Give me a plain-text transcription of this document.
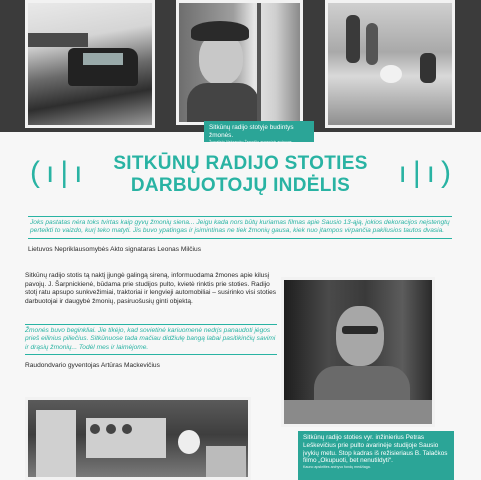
Sitkūnų radijo stotyje budintys žmonės.
Žurnalisto Aleksandro Žemaičio asmeninis archyvas.
(ı|ı	SITKŪNŲ RADIJO STOTIES
DARBUOTOJŲ INDĖLIS	ı|ı)

Joks pastatas nėra toks tvirtas kaip gyvų žmonių siena... Jeigu kada nors būtų kuriamas filmas apie Sausio 13-ąją, jokios dekoracijos neįstengtų perteikti to vaizdo, kurį teko matyti. Jis buvo ypatingas ir įsimintinas ne tiek žmonių gausa, kiek nuo įtampos virpančia pakilusios tautos dvasia.

Lietuvos Nepriklausomybės Akto signataras Leonas Milčius
Sitkūnų radijo stotis tą naktį įjungė galingą sireną, informuodama žmones apie kilusį pavojų. J. Šarpnickienė, būdama prie studijos pulto, kvietė rinktis prie stoties. Radijo stotį ratu apsupo sunkvežimiai, traktoriai ir lengvieji automobiliai – susirinko visi stoties darbuotojai ir daugybė žmonių, pasiruošusių ginti objektą.

Žmonės buvo beginkliai. Jie tikėjo, kad sovietinė kariuomenė nedrįs panaudoti jėgos prieš eilinius piliečius. Sitkūnuose tada mačiau didžiulę bangą labai pasitikinčių savimi ir drąsių žmonių... Todėl mes ir laimėjome.

Raudondvario gyventojas Artūras Mackevičius
Sitkūnų radijo stoties vyr. inžinierius Petras Leškevičius prie pulto avarinėje studijoje Sausio įvykių metu. Stop kadras iš režisieriaus B. Talačkos filmo „Okupuoti, bet nenutildyti“.
Kauno apskrities archyvo fondų medžiaga.
